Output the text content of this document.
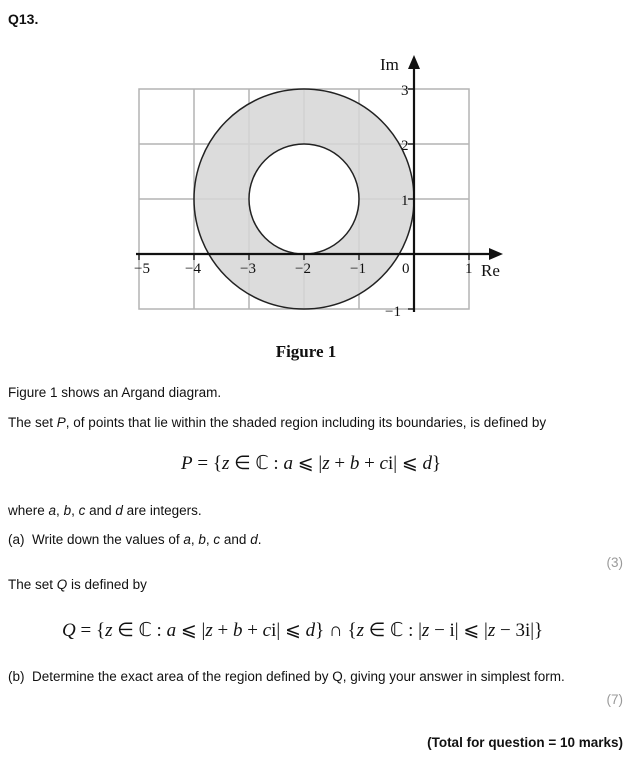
Q13.
Im
Re
−5 −4	−3	−2	−1 0	1
3
2
1
−1
Figure 1
Figure 1 shows an Argand diagram.
The set P, of points that lie within the shaded region including its boundaries, is defined by
P = {z ∈ ℂ : a ⩽ |z + b + ci| ⩽ d}
where a, b, c and d are integers.
(a) Write down the values of a, b, c and d.
(3)
The set Q is defined by
Q = {z ∈ ℂ : a ⩽ |z + b + ci| ⩽ d} ∩ {z ∈ ℂ : |z − i| ⩽ |z − 3i|}
(b) Determine the exact area of the region defined by Q, giving your answer in simplest form.
(7)
(Total for question = 10 marks)
